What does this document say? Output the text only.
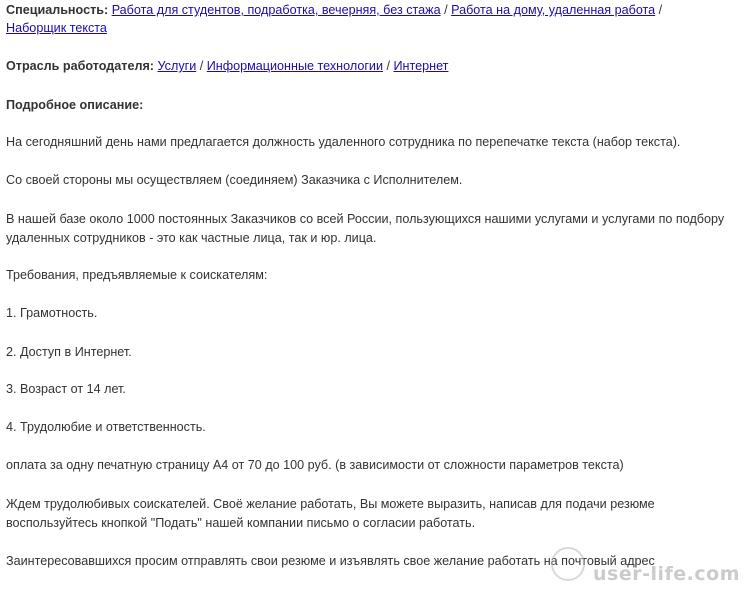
Специальность: Работа для студентов, подработка, вечерняя, без стажа / Работа на дому, удаленная работа /
Наборщик текста
Отрасль работодателя: Услуги / Информационные технологии / Интернет
Подробное описание:
На сегодняшний день нами предлагается должность удаленного сотрудника по перепечатке текста (набор текста).
Со своей стороны мы осуществляем (соединяем) Заказчика с Исполнителем.
В нашей базе около 1000 постоянных Заказчиков со всей России, пользующихся нашими услугами и услугами по подбору
удаленных сотрудников - это как частные лица, так и юр. лица.
Требования, предъявляемые к соискателям:
1. Грамотность.
2. Доступ в Интернет.
3. Возраст от 14 лет.
4. Трудолюбие и ответственность.
оплата за одну печатную страницу А4 от 70 до 100 руб. (в зависимости от сложности параметров текста)
Ждем трудолюбивых соискателей. Своё желание работать, Вы можете выразить, написав для подачи резюме
воспользуйтесь кнопкой "Подать" нашей компании письмо о согласии работать.
Заинтересовавшихся просим отправлять свои резюме и изъявлять свое желание работать на почтовый адрес
user-life.com
